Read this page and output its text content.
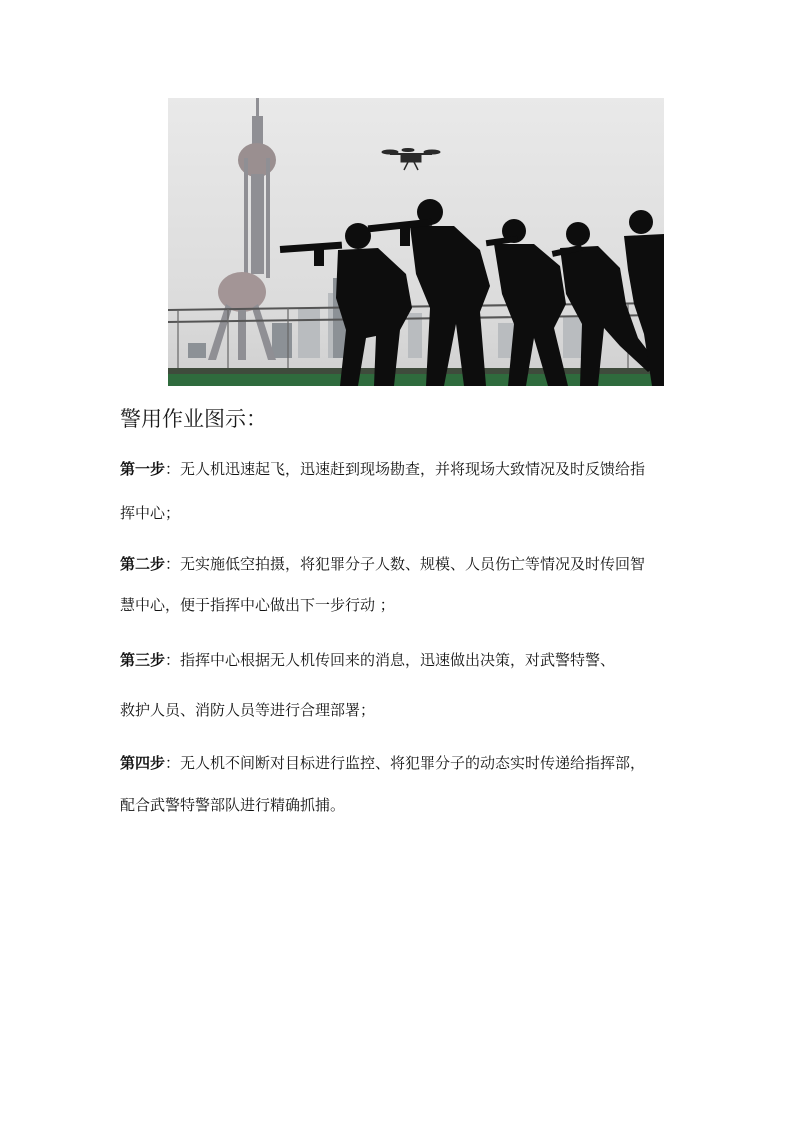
警用作业图示：
第一步：无人机迅速起飞，迅速赶到现场勘查，并将现场大致情况及时反馈给指
挥中心；
第二步：无实施低空拍摄，将犯罪分子人数、规模、人员伤亡等情况及时传回智
慧中心，便于指挥中心做出下一步行动 ；
第三步：指挥中心根据无人机传回来的消息，迅速做出决策，对武警特警、
救护人员、消防人员等进行合理部署；
第四步：无人机不间断对目标进行监控、将犯罪分子的动态实时传递给指挥部，
配合武警特警部队进行精确抓捕。
